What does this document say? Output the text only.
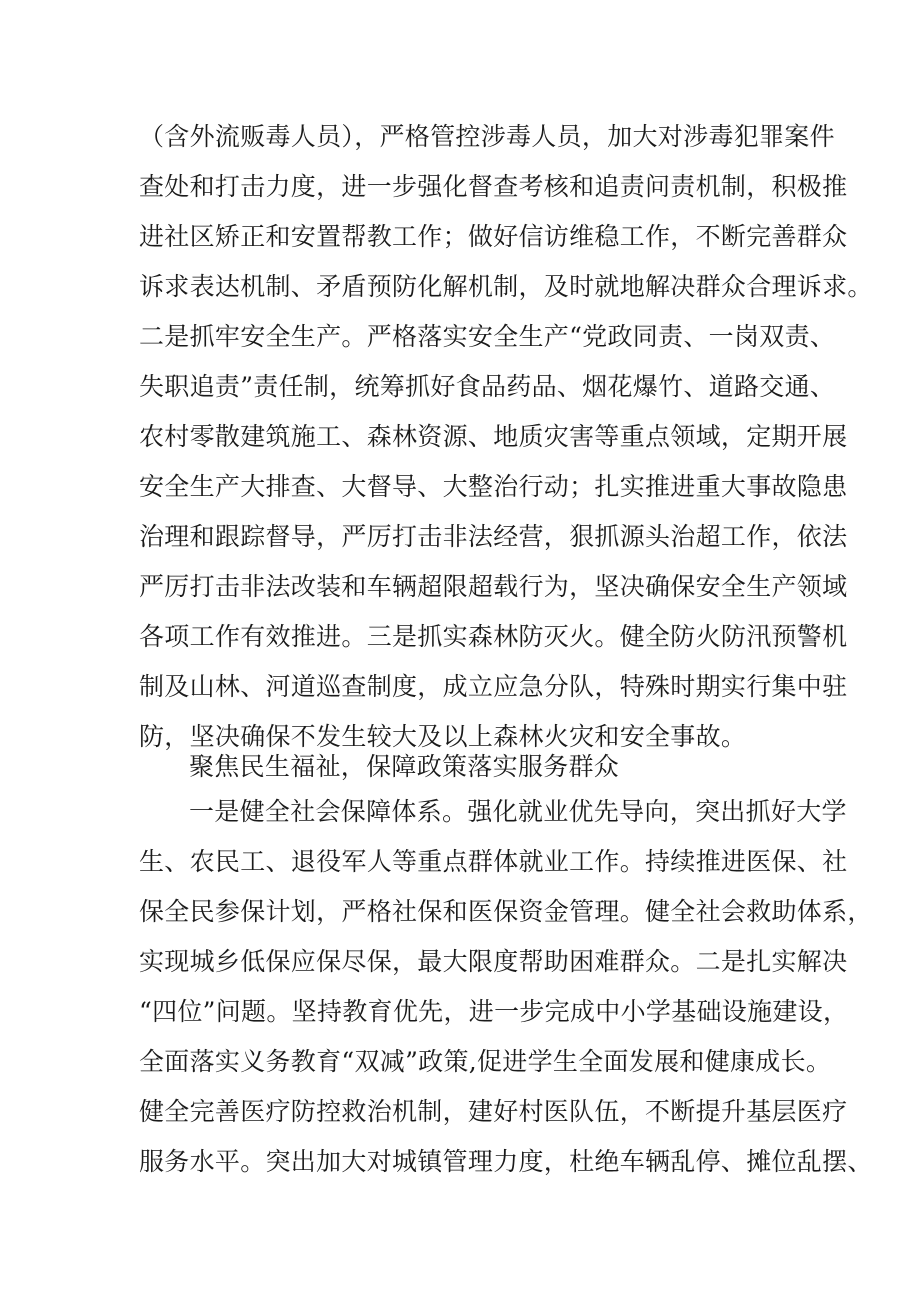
（含外流贩毒人员），严格管控涉毒人员，加大对涉毒犯罪案件
查处和打击力度，进一步强化督查考核和追责问责机制，积极推
进社区矫正和安置帮教工作；做好信访维稳工作，不断完善群众
诉求表达机制、矛盾预防化解机制，及时就地解决群众合理诉求。
二是抓牢安全生产。严格落实安全生产“党政同责、一岗双责、
失职追责”责任制，统筹抓好食品药品、烟花爆竹、道路交通、
农村零散建筑施工、森林资源、地质灾害等重点领域，定期开展
安全生产大排查、大督导、大整治行动；扎实推进重大事故隐患
治理和跟踪督导，严厉打击非法经营，狠抓源头治超工作，依法
严厉打击非法改装和车辆超限超载行为，坚决确保安全生产领域
各项工作有效推进。三是抓实森林防灭火。健全防火防汛预警机
制及山林、河道巡查制度，成立应急分队，特殊时期实行集中驻
防，坚决确保不发生较大及以上森林火灾和安全事故。
聚焦民生福祉，保障政策落实服务群众
一是健全社会保障体系。强化就业优先导向，突出抓好大学
生、农民工、退役军人等重点群体就业工作。持续推进医保、社
保全民参保计划，严格社保和医保资金管理。健全社会救助体系，
实现城乡低保应保尽保，最大限度帮助困难群众。二是扎实解决
“四位”问题。坚持教育优先，进一步完成中小学基础设施建设，
全面落实义务教育“双减”政策,促进学生全面发展和健康成长。
健全完善医疗防控救治机制，建好村医队伍，不断提升基层医疗
服务水平。突出加大对城镇管理力度，杜绝车辆乱停、摊位乱摆、
